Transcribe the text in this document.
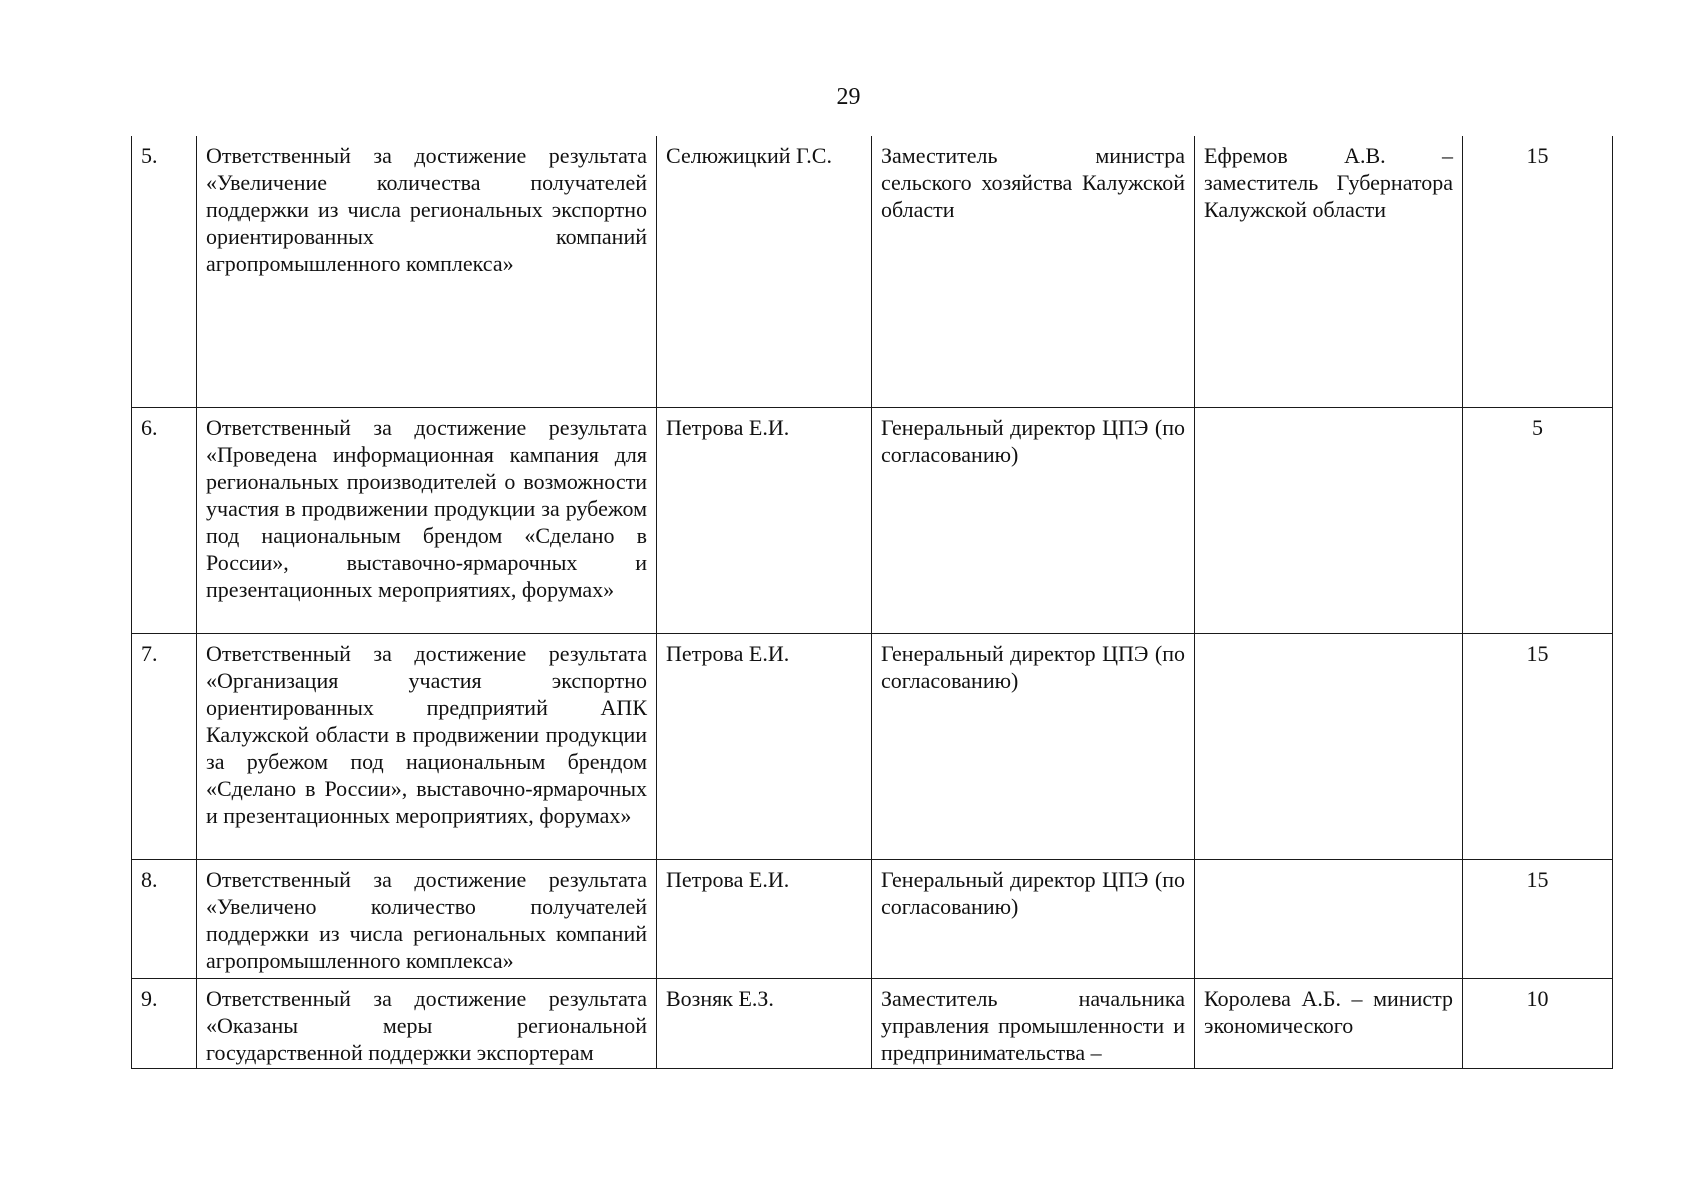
29
5.	Ответственный за достижение результата «Увеличение количества получателей поддержки из числа региональных экспортно ориентированных компаний агропромышленного комплекса»	Селюжицкий Г.С.	Заместитель министра сельского хозяйства Калужской области	Ефремов А.В. – заместитель Губернатора Калужской области	15
6.	Ответственный за достижение результата «Проведена информационная кампания для региональных производителей о возможности участия в продвижении продукции за рубежом под национальным брендом «Сделано в России», выставочно-ярмарочных и презентационных мероприятиях, форумах»	Петрова Е.И.	Генеральный директор ЦПЭ (по согласованию)		5
7.	Ответственный за достижение результата «Организация участия экспортно ориентированных предприятий АПК Калужской области в продвижении продукции за рубежом под национальным брендом «Сделано в России», выставочно-ярмарочных и презентационных мероприятиях, форумах»	Петрова Е.И.	Генеральный директор ЦПЭ (по согласованию)		15
8.	Ответственный за достижение результата «Увеличено количество получателей поддержки из числа региональных компаний агропромышленного комплекса»	Петрова Е.И.	Генеральный директор ЦПЭ (по согласованию)		15
9.	Ответственный за достижение результата «Оказаны меры региональной государственной поддержки экспортерам	Возняк Е.З.	Заместитель начальника управления промышленности и предпринимательства –	Королева А.Б. – министр экономического	10
